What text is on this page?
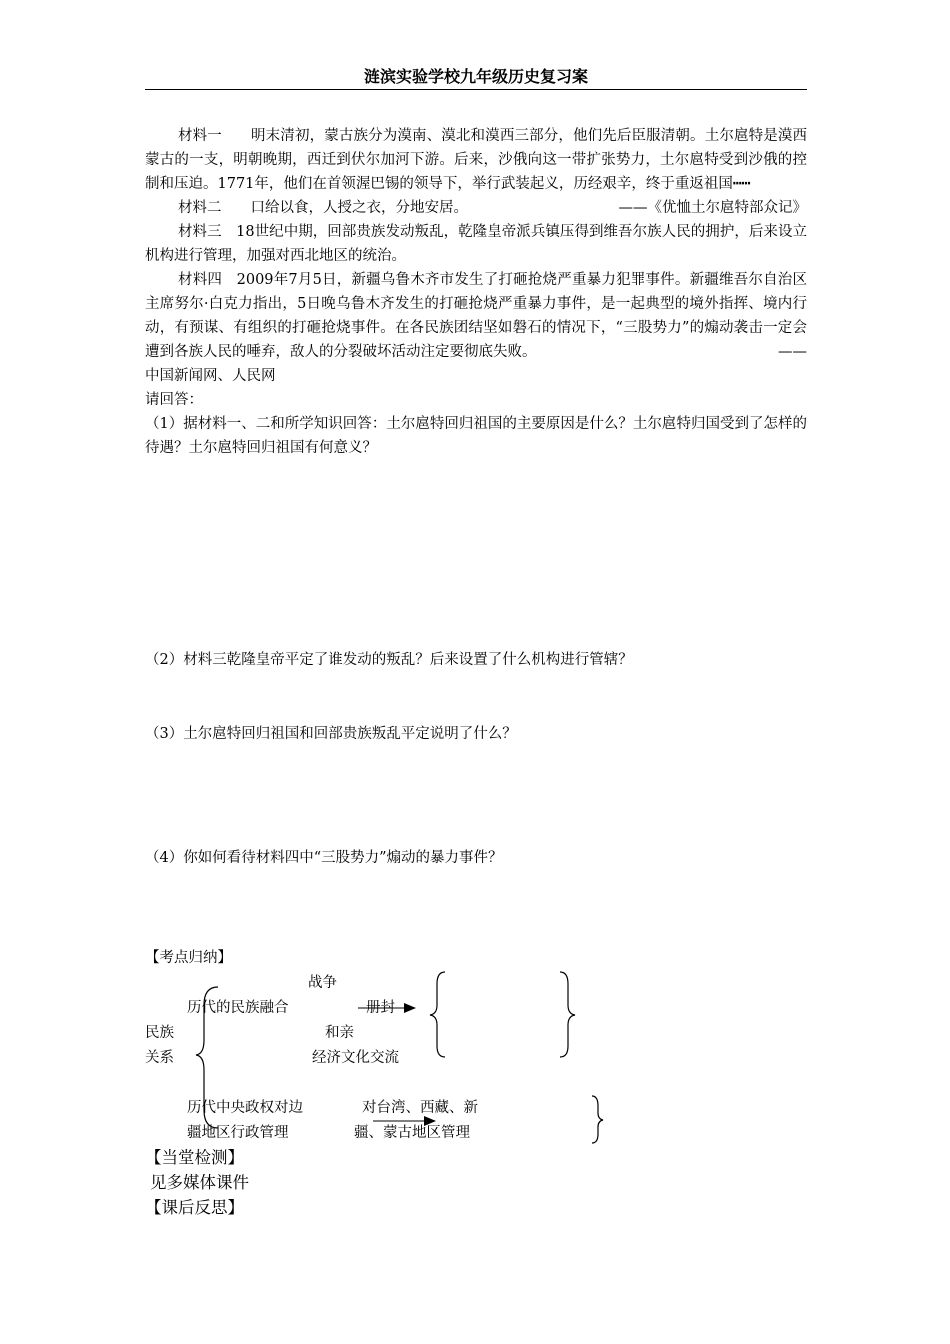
涟滨实验学校九年级历史复习案
材料一   明末清初，蒙古族分为漠南、漠北和漠西三部分，他们先后臣服清朝。土尔扈特是漠西蒙古的一支，明朝晚期，西迁到伏尔加河下游。后来，沙俄向这一带扩张势力，土尔扈特受到沙俄的控制和压迫。1771年，他们在首领渥巴锡的领导下，举行武装起义，历经艰辛，终于重返祖国┅┅
材料二   口给以食，人授之衣，分地安居。	——《优恤土尔扈特部众记》
材料三  18世纪中期，回部贵族发动叛乱，乾隆皇帝派兵镇压得到维吾尔族人民的拥护，后来设立机构进行管理，加强对西北地区的统治。
材料四  2009年7月5日，新疆乌鲁木齐市发生了打砸抢烧严重暴力犯罪事件。新疆维吾尔自治区主席努尔·白克力指出，5日晚乌鲁木齐发生的打砸抢烧严重暴力事件，是一起典型的境外指挥、境内行动，有预谋、有组织的打砸抢烧事件。在各民族团结坚如磐石的情况下，“三股势力”的煽动袭击一定会遭到各族人民的唾弃，敌人的分裂破坏活动注定要彻底失败。	——
中国新闻网、人民网
请回答：
（1）据材料一、二和所学知识回答：土尔扈特回归祖国的主要原因是什么？土尔扈特归国受到了怎样的待遇？土尔扈特回归祖国有何意义？
（2）材料三乾隆皇帝平定了谁发动的叛乱？后来设置了什么机构进行管辖？
（3）土尔扈特回归祖国和回部贵族叛乱平定说明了什么？
（4）你如何看待材料四中“三股势力”煽动的暴力事件？
【考点归纳】
战争
历代的民族融合	册封
民族	和亲
关系	经济文化交流
历代中央政权对边	对台湾、西藏、新
疆地区行政管理	疆、蒙古地区管理
【当堂检测】
见多媒体课件
【课后反思】
